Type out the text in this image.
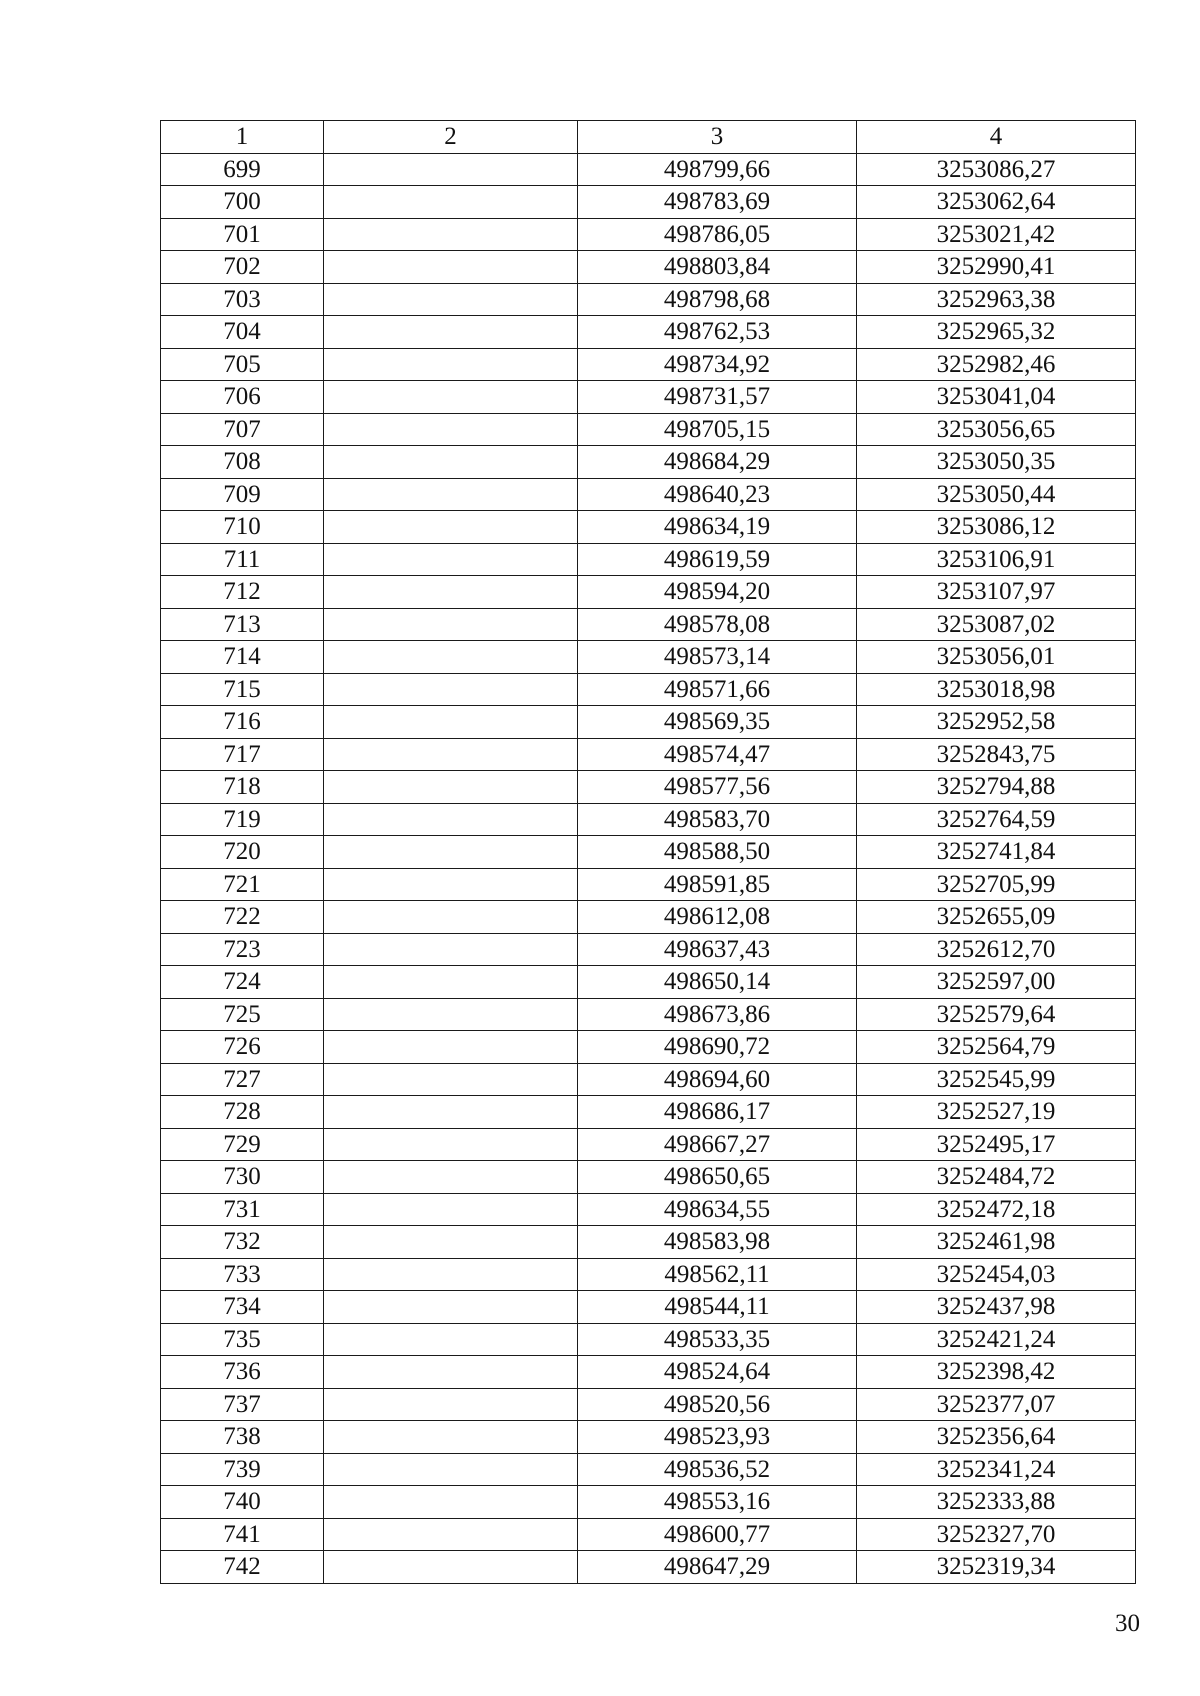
1	2	3	4
699		498799,66	3253086,27
700		498783,69	3253062,64
701		498786,05	3253021,42
702		498803,84	3252990,41
703		498798,68	3252963,38
704		498762,53	3252965,32
705		498734,92	3252982,46
706		498731,57	3253041,04
707		498705,15	3253056,65
708		498684,29	3253050,35
709		498640,23	3253050,44
710		498634,19	3253086,12
711		498619,59	3253106,91
712		498594,20	3253107,97
713		498578,08	3253087,02
714		498573,14	3253056,01
715		498571,66	3253018,98
716		498569,35	3252952,58
717		498574,47	3252843,75
718		498577,56	3252794,88
719		498583,70	3252764,59
720		498588,50	3252741,84
721		498591,85	3252705,99
722		498612,08	3252655,09
723		498637,43	3252612,70
724		498650,14	3252597,00
725		498673,86	3252579,64
726		498690,72	3252564,79
727		498694,60	3252545,99
728		498686,17	3252527,19
729		498667,27	3252495,17
730		498650,65	3252484,72
731		498634,55	3252472,18
732		498583,98	3252461,98
733		498562,11	3252454,03
734		498544,11	3252437,98
735		498533,35	3252421,24
736		498524,64	3252398,42
737		498520,56	3252377,07
738		498523,93	3252356,64
739		498536,52	3252341,24
740		498553,16	3252333,88
741		498600,77	3252327,70
742		498647,29	3252319,34
30
